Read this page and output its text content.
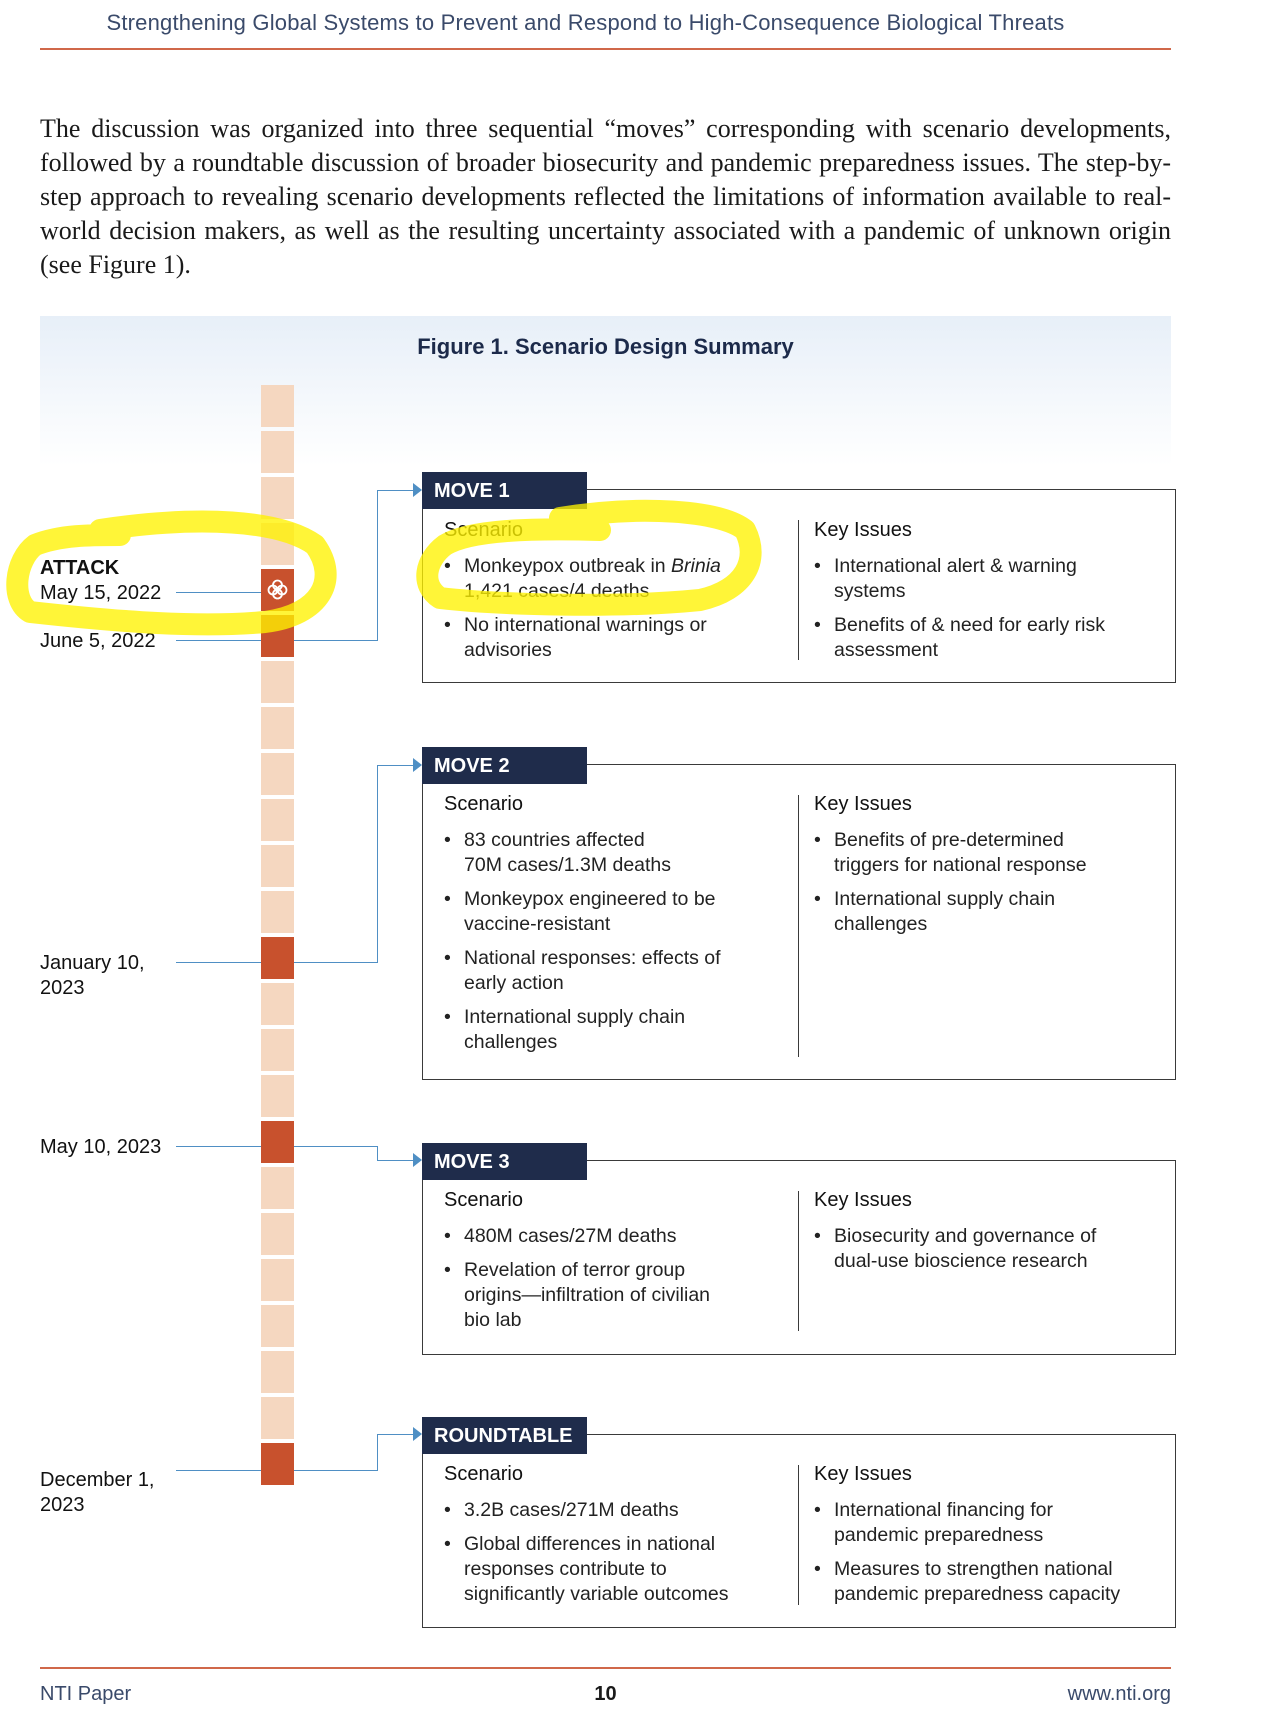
Strengthening Global Systems to Prevent and Respond to High-Consequence Biological Threats
The discussion was organized into three sequential “moves” corresponding with scenario developments, followed by a roundtable discussion of broader biosecurity and pandemic preparedness issues. The step-by-step approach to revealing scenario developments reflected the limitations of information available to real-world decision makers, as well as the resulting uncertainty associated with a pandemic of unknown origin (see Figure 1).
Figure 1. Scenario Design Summary
ATTACK
May 15, 2022
June 5, 2022
January 10,
2023
May 10, 2023
December 1,
2023
MOVE 1
Scenario	Key Issues
• Monkeypox outbreak in Brinia
1,421 cases/4 deaths
• No international warnings or
advisories
• International alert & warning
systems
• Benefits of & need for early risk
assessment
MOVE 2
Scenario	Key Issues
• 83 countries affected
70M cases/1.3M deaths
• Monkeypox engineered to be
vaccine-resistant
• National responses: effects of
early action
• International supply chain
challenges
• Benefits of pre-determined
triggers for national response
• International supply chain
challenges
MOVE 3
Scenario	Key Issues
• 480M cases/27M deaths
• Revelation of terror group
origins—infiltration of civilian
bio lab
• Biosecurity and governance of
dual-use bioscience research
ROUNDTABLE
Scenario	Key Issues
• 3.2B cases/271M deaths
• Global differences in national
responses contribute to
significantly variable outcomes
• International financing for
pandemic preparedness
• Measures to strengthen national
pandemic preparedness capacity
NTI Paper	10	www.nti.org
